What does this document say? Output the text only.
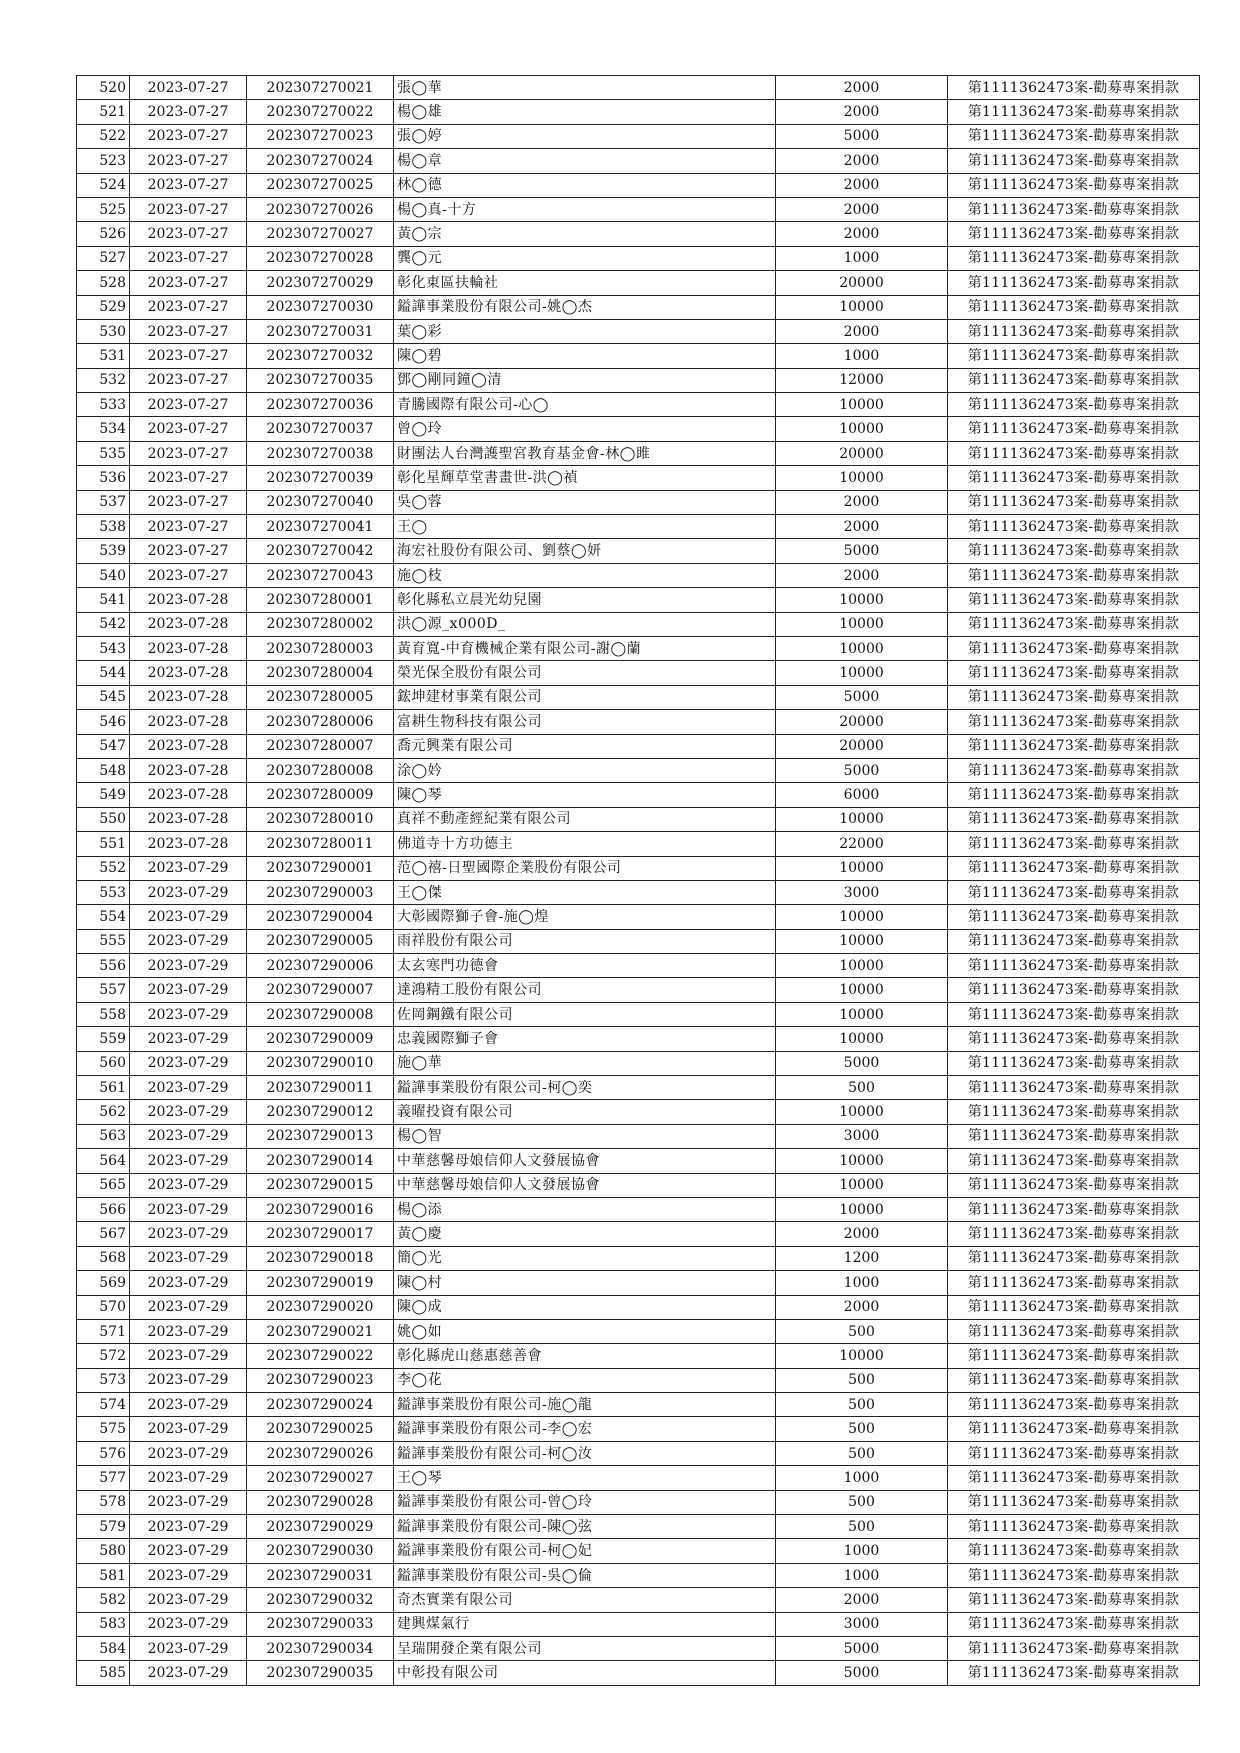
520	2023-07-27	202307270021	張◯華	2000	第1111362473案-勸募專案捐款
521	2023-07-27	202307270022	楊◯雄	2000	第1111362473案-勸募專案捐款
522	2023-07-27	202307270023	張◯婷	5000	第1111362473案-勸募專案捐款
523	2023-07-27	202307270024	楊◯章	2000	第1111362473案-勸募專案捐款
524	2023-07-27	202307270025	林◯德	2000	第1111362473案-勸募專案捐款
525	2023-07-27	202307270026	楊◯真-十方	2000	第1111362473案-勸募專案捐款
526	2023-07-27	202307270027	黃◯宗	2000	第1111362473案-勸募專案捐款
527	2023-07-27	202307270028	龔◯元	1000	第1111362473案-勸募專案捐款
528	2023-07-27	202307270029	彰化東區扶輪社	20000	第1111362473案-勸募專案捐款
529	2023-07-27	202307270030	鎰譁事業股份有限公司-姚◯杰	10000	第1111362473案-勸募專案捐款
530	2023-07-27	202307270031	葉◯彩	2000	第1111362473案-勸募專案捐款
531	2023-07-27	202307270032	陳◯碧	1000	第1111362473案-勸募專案捐款
532	2023-07-27	202307270035	鄧◯剛同鐘◯清	12000	第1111362473案-勸募專案捐款
533	2023-07-27	202307270036	青騰國際有限公司-心◯	10000	第1111362473案-勸募專案捐款
534	2023-07-27	202307270037	曾◯玲	10000	第1111362473案-勸募專案捐款
535	2023-07-27	202307270038	財團法人台灣護聖宮教育基金會-林◯雎	20000	第1111362473案-勸募專案捐款
536	2023-07-27	202307270039	彰化星輝草堂書畫世-洪◯禎	10000	第1111362473案-勸募專案捐款
537	2023-07-27	202307270040	吳◯蓉	2000	第1111362473案-勸募專案捐款
538	2023-07-27	202307270041	王◯	2000	第1111362473案-勸募專案捐款
539	2023-07-27	202307270042	海宏社股份有限公司、劉蔡◯妍	5000	第1111362473案-勸募專案捐款
540	2023-07-27	202307270043	施◯枝	2000	第1111362473案-勸募專案捐款
541	2023-07-28	202307280001	彰化縣私立晨光幼兒園	10000	第1111362473案-勸募專案捐款
542	2023-07-28	202307280002	洪◯源_x000D_	10000	第1111362473案-勸募專案捐款
543	2023-07-28	202307280003	黃育寬-中育機械企業有限公司-謝◯蘭	10000	第1111362473案-勸募專案捐款
544	2023-07-28	202307280004	榮光保全股份有限公司	10000	第1111362473案-勸募專案捐款
545	2023-07-28	202307280005	鋐坤建材事業有限公司	5000	第1111362473案-勸募專案捐款
546	2023-07-28	202307280006	富耕生物科技有限公司	20000	第1111362473案-勸募專案捐款
547	2023-07-28	202307280007	喬元興業有限公司	20000	第1111362473案-勸募專案捐款
548	2023-07-28	202307280008	涂◯妗	5000	第1111362473案-勸募專案捐款
549	2023-07-28	202307280009	陳◯琴	6000	第1111362473案-勸募專案捐款
550	2023-07-28	202307280010	真祥不動產經紀業有限公司	10000	第1111362473案-勸募專案捐款
551	2023-07-28	202307280011	佛道寺十方功德主	22000	第1111362473案-勸募專案捐款
552	2023-07-29	202307290001	范◯禧-日聖國際企業股份有限公司	10000	第1111362473案-勸募專案捐款
553	2023-07-29	202307290003	王◯傑	3000	第1111362473案-勸募專案捐款
554	2023-07-29	202307290004	大彰國際獅子會-施◯煌	10000	第1111362473案-勸募專案捐款
555	2023-07-29	202307290005	雨祥股份有限公司	10000	第1111362473案-勸募專案捐款
556	2023-07-29	202307290006	太玄寒門功德會	10000	第1111362473案-勸募專案捐款
557	2023-07-29	202307290007	達鴻精工股份有限公司	10000	第1111362473案-勸募專案捐款
558	2023-07-29	202307290008	佐岡鋼鐵有限公司	10000	第1111362473案-勸募專案捐款
559	2023-07-29	202307290009	忠義國際獅子會	10000	第1111362473案-勸募專案捐款
560	2023-07-29	202307290010	施◯華	5000	第1111362473案-勸募專案捐款
561	2023-07-29	202307290011	鎰譁事業股份有限公司-柯◯奕	500	第1111362473案-勸募專案捐款
562	2023-07-29	202307290012	義曜投資有限公司	10000	第1111362473案-勸募專案捐款
563	2023-07-29	202307290013	楊◯智	3000	第1111362473案-勸募專案捐款
564	2023-07-29	202307290014	中華慈馨母娘信仰人文發展協會	10000	第1111362473案-勸募專案捐款
565	2023-07-29	202307290015	中華慈馨母娘信仰人文發展協會	10000	第1111362473案-勸募專案捐款
566	2023-07-29	202307290016	楊◯添	10000	第1111362473案-勸募專案捐款
567	2023-07-29	202307290017	黃◯慶	2000	第1111362473案-勸募專案捐款
568	2023-07-29	202307290018	簡◯光	1200	第1111362473案-勸募專案捐款
569	2023-07-29	202307290019	陳◯村	1000	第1111362473案-勸募專案捐款
570	2023-07-29	202307290020	陳◯成	2000	第1111362473案-勸募專案捐款
571	2023-07-29	202307290021	姚◯如	500	第1111362473案-勸募專案捐款
572	2023-07-29	202307290022	彰化縣虎山慈惠慈善會	10000	第1111362473案-勸募專案捐款
573	2023-07-29	202307290023	李◯花	500	第1111362473案-勸募專案捐款
574	2023-07-29	202307290024	鎰譁事業股份有限公司-施◯龍	500	第1111362473案-勸募專案捐款
575	2023-07-29	202307290025	鎰譁事業股份有限公司-李◯宏	500	第1111362473案-勸募專案捐款
576	2023-07-29	202307290026	鎰譁事業股份有限公司-柯◯汝	500	第1111362473案-勸募專案捐款
577	2023-07-29	202307290027	王◯琴	1000	第1111362473案-勸募專案捐款
578	2023-07-29	202307290028	鎰譁事業股份有限公司-曾◯玲	500	第1111362473案-勸募專案捐款
579	2023-07-29	202307290029	鎰譁事業股份有限公司-陳◯弦	500	第1111362473案-勸募專案捐款
580	2023-07-29	202307290030	鎰譁事業股份有限公司-柯◯妃	1000	第1111362473案-勸募專案捐款
581	2023-07-29	202307290031	鎰譁事業股份有限公司-吳◯倫	1000	第1111362473案-勸募專案捐款
582	2023-07-29	202307290032	奇杰實業有限公司	2000	第1111362473案-勸募專案捐款
583	2023-07-29	202307290033	建興煤氣行	3000	第1111362473案-勸募專案捐款
584	2023-07-29	202307290034	呈瑞開發企業有限公司	5000	第1111362473案-勸募專案捐款
585	2023-07-29	202307290035	中彰投有限公司	5000	第1111362473案-勸募專案捐款
